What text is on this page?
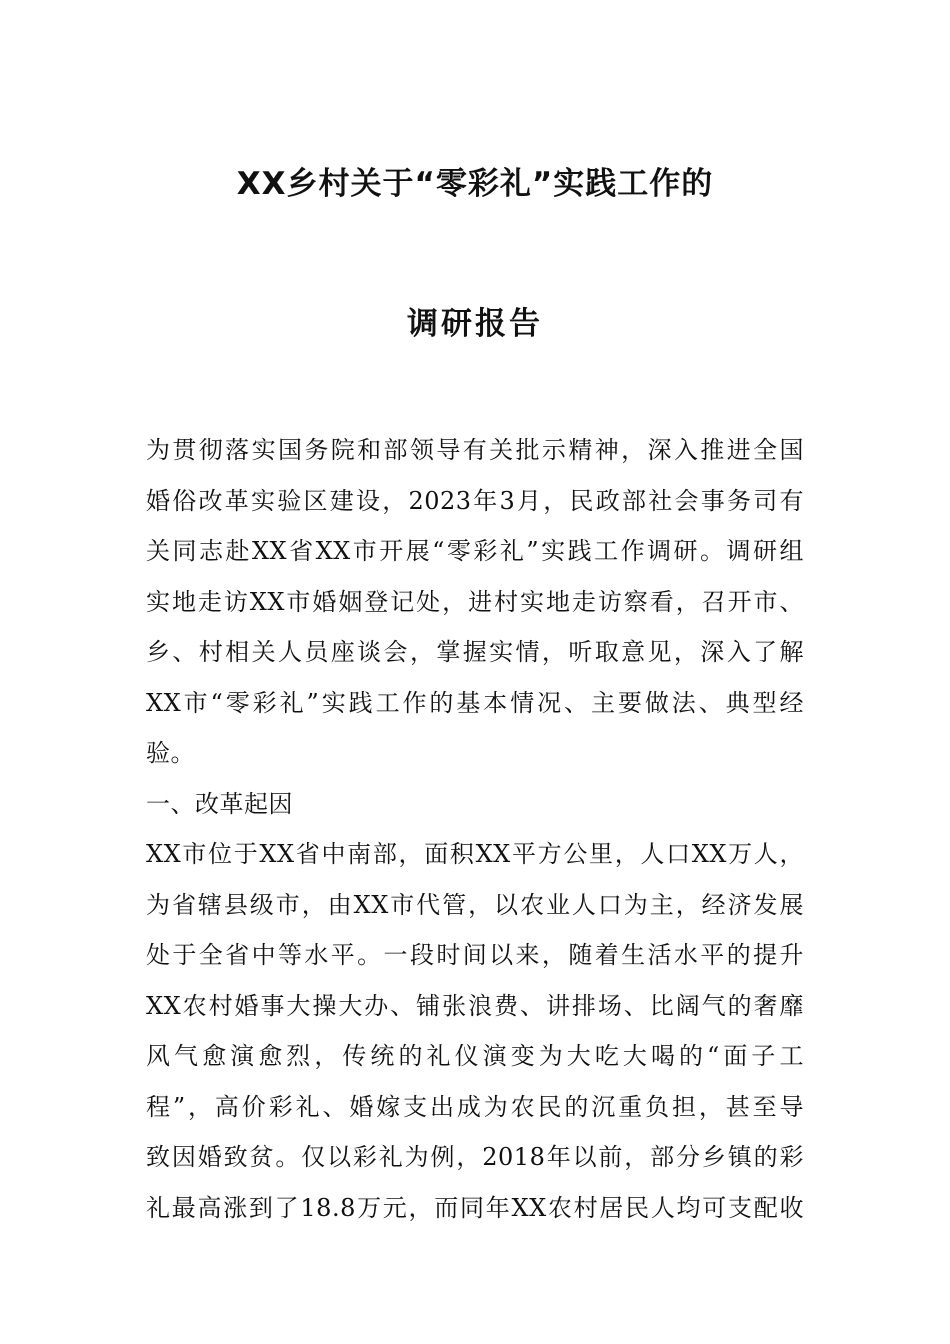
XX乡村关于“零彩礼”实践工作的
调研报告
为贯彻落实国务院和部领导有关批示精神，深入推进全国
婚俗改革实验区建设，2023年3月，民政部社会事务司有
关同志赴XX省XX市开展“零彩礼”实践工作调研。调研组
实地走访XX市婚姻登记处，进村实地走访察看，召开市、
乡、村相关人员座谈会，掌握实情，听取意见，深入了解
XX市“零彩礼”实践工作的基本情况、主要做法、典型经
验。
一、改革起因
XX市位于XX省中南部，面积XX平方公里，人口XX万人，
为省辖县级市，由XX市代管，以农业人口为主，经济发展
处于全省中等水平。一段时间以来，随着生活水平的提升
XX农村婚事大操大办、铺张浪费、讲排场、比阔气的奢靡
风气愈演愈烈，传统的礼仪演变为大吃大喝的“面子工
程”，高价彩礼、婚嫁支出成为农民的沉重负担，甚至导
致因婚致贫。仅以彩礼为例，2018年以前，部分乡镇的彩
礼最高涨到了18.8万元，而同年XX农村居民人均可支配收
